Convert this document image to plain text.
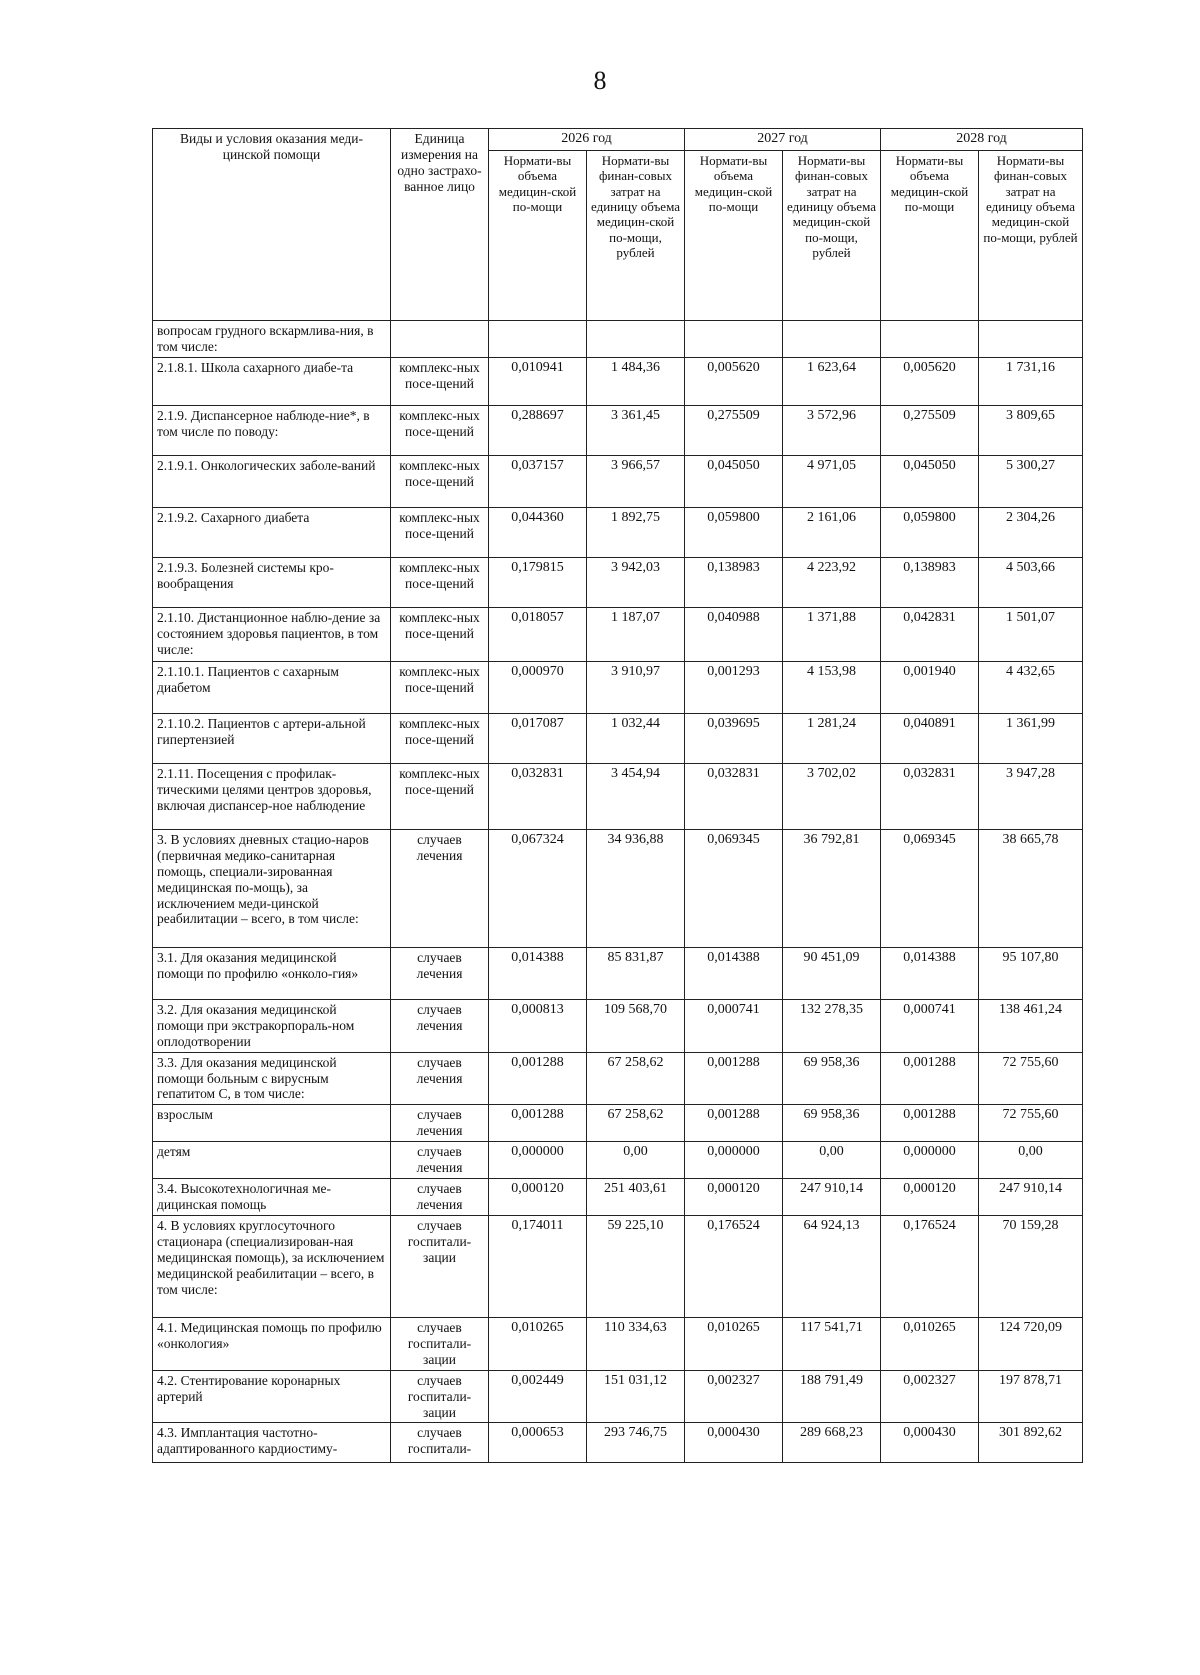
8
Виды и условия оказания меди-цинской помощи	Единица измерения на одно застрахо-ванное лицо	2026 год		2027 год		2028 год	
		Нормати-вы объема медицин-ской по-мощи	Нормати-вы финан-совых затрат на единицу объема медицин-ской по-мощи, рублей	Нормати-вы объема медицин-ской по-мощи	Нормати-вы финан-совых затрат на единицу объема медицин-ской по-мощи, рублей	Нормати-вы объема медицин-ской по-мощи	Нормати-вы финан-совых затрат на единицу объема медицин-ской по-мощи, рублей
вопросам грудного вскармлива-ния, в том числе:							
2.1.8.1. Школа сахарного диабе-та	комплекс-ных посе-щений	0,010941	1 484,36	0,005620	1 623,64	0,005620	1 731,16
2.1.9. Диспансерное наблюде-ние*, в том числе по поводу:	комплекс-ных посе-щений	0,288697	3 361,45	0,275509	3 572,96	0,275509	3 809,65
2.1.9.1. Онкологических заболе-ваний	комплекс-ных посе-щений	0,037157	3 966,57	0,045050	4 971,05	0,045050	5 300,27
2.1.9.2. Сахарного диабета	комплекс-ных посе-щений	0,044360	1 892,75	0,059800	2 161,06	0,059800	2 304,26
2.1.9.3. Болезней системы кро-вообращения	комплекс-ных посе-щений	0,179815	3 942,03	0,138983	4 223,92	0,138983	4 503,66
2.1.10. Дистанционное наблю-дение за состоянием здоровья пациентов, в том числе:	комплекс-ных посе-щений	0,018057	1 187,07	0,040988	1 371,88	0,042831	1 501,07
2.1.10.1. Пациентов с сахарным диабетом	комплекс-ных посе-щений	0,000970	3 910,97	0,001293	4 153,98	0,001940	4 432,65
2.1.10.2. Пациентов с артери-альной гипертензией	комплекс-ных посе-щений	0,017087	1 032,44	0,039695	1 281,24	0,040891	1 361,99
2.1.11. Посещения с профилак-тическими целями центров здоровья, включая диспансер-ное наблюдение	комплекс-ных посе-щений	0,032831	3 454,94	0,032831	3 702,02	0,032831	3 947,28
3. В условиях дневных стацио-наров (первичная медико-санитарная помощь, специали-зированная медицинская по-мощь), за исключением меди-цинской реабилитации – всего, в том числе:	случаев лечения	0,067324	34 936,88	0,069345	36 792,81	0,069345	38 665,78
3.1. Для оказания медицинской помощи по профилю «онколо-гия»	случаев лечения	0,014388	85 831,87	0,014388	90 451,09	0,014388	95 107,80
3.2. Для оказания медицинской помощи при экстракорпораль-ном оплодотворении	случаев лечения	0,000813	109 568,70	0,000741	132 278,35	0,000741	138 461,24
3.3. Для оказания медицинской помощи больным с вирусным гепатитом С, в том числе:	случаев лечения	0,001288	67 258,62	0,001288	69 958,36	0,001288	72 755,60
взрослым	случаев лечения	0,001288	67 258,62	0,001288	69 958,36	0,001288	72 755,60
детям	случаев лечения	0,000000	0,00	0,000000	0,00	0,000000	0,00
3.4. Высокотехнологичная ме-дицинская помощь	случаев лечения	0,000120	251 403,61	0,000120	247 910,14	0,000120	247 910,14
4. В условиях круглосуточного стационара (специализирован-ная медицинская помощь), за исключением медицинской реабилитации – всего, в том числе:	случаев госпитали-зации	0,174011	59 225,10	0,176524	64 924,13	0,176524	70 159,28
4.1. Медицинская помощь по профилю «онкология»	случаев госпитали-зации	0,010265	110 334,63	0,010265	117 541,71	0,010265	124 720,09
4.2. Стентирование коронарных артерий	случаев госпитали-зации	0,002449	151 031,12	0,002327	188 791,49	0,002327	197 878,71
4.3. Имплантация частотно-адаптированного кардиостиму-	случаев госпитали-	0,000653	293 746,75	0,000430	289 668,23	0,000430	301 892,62
